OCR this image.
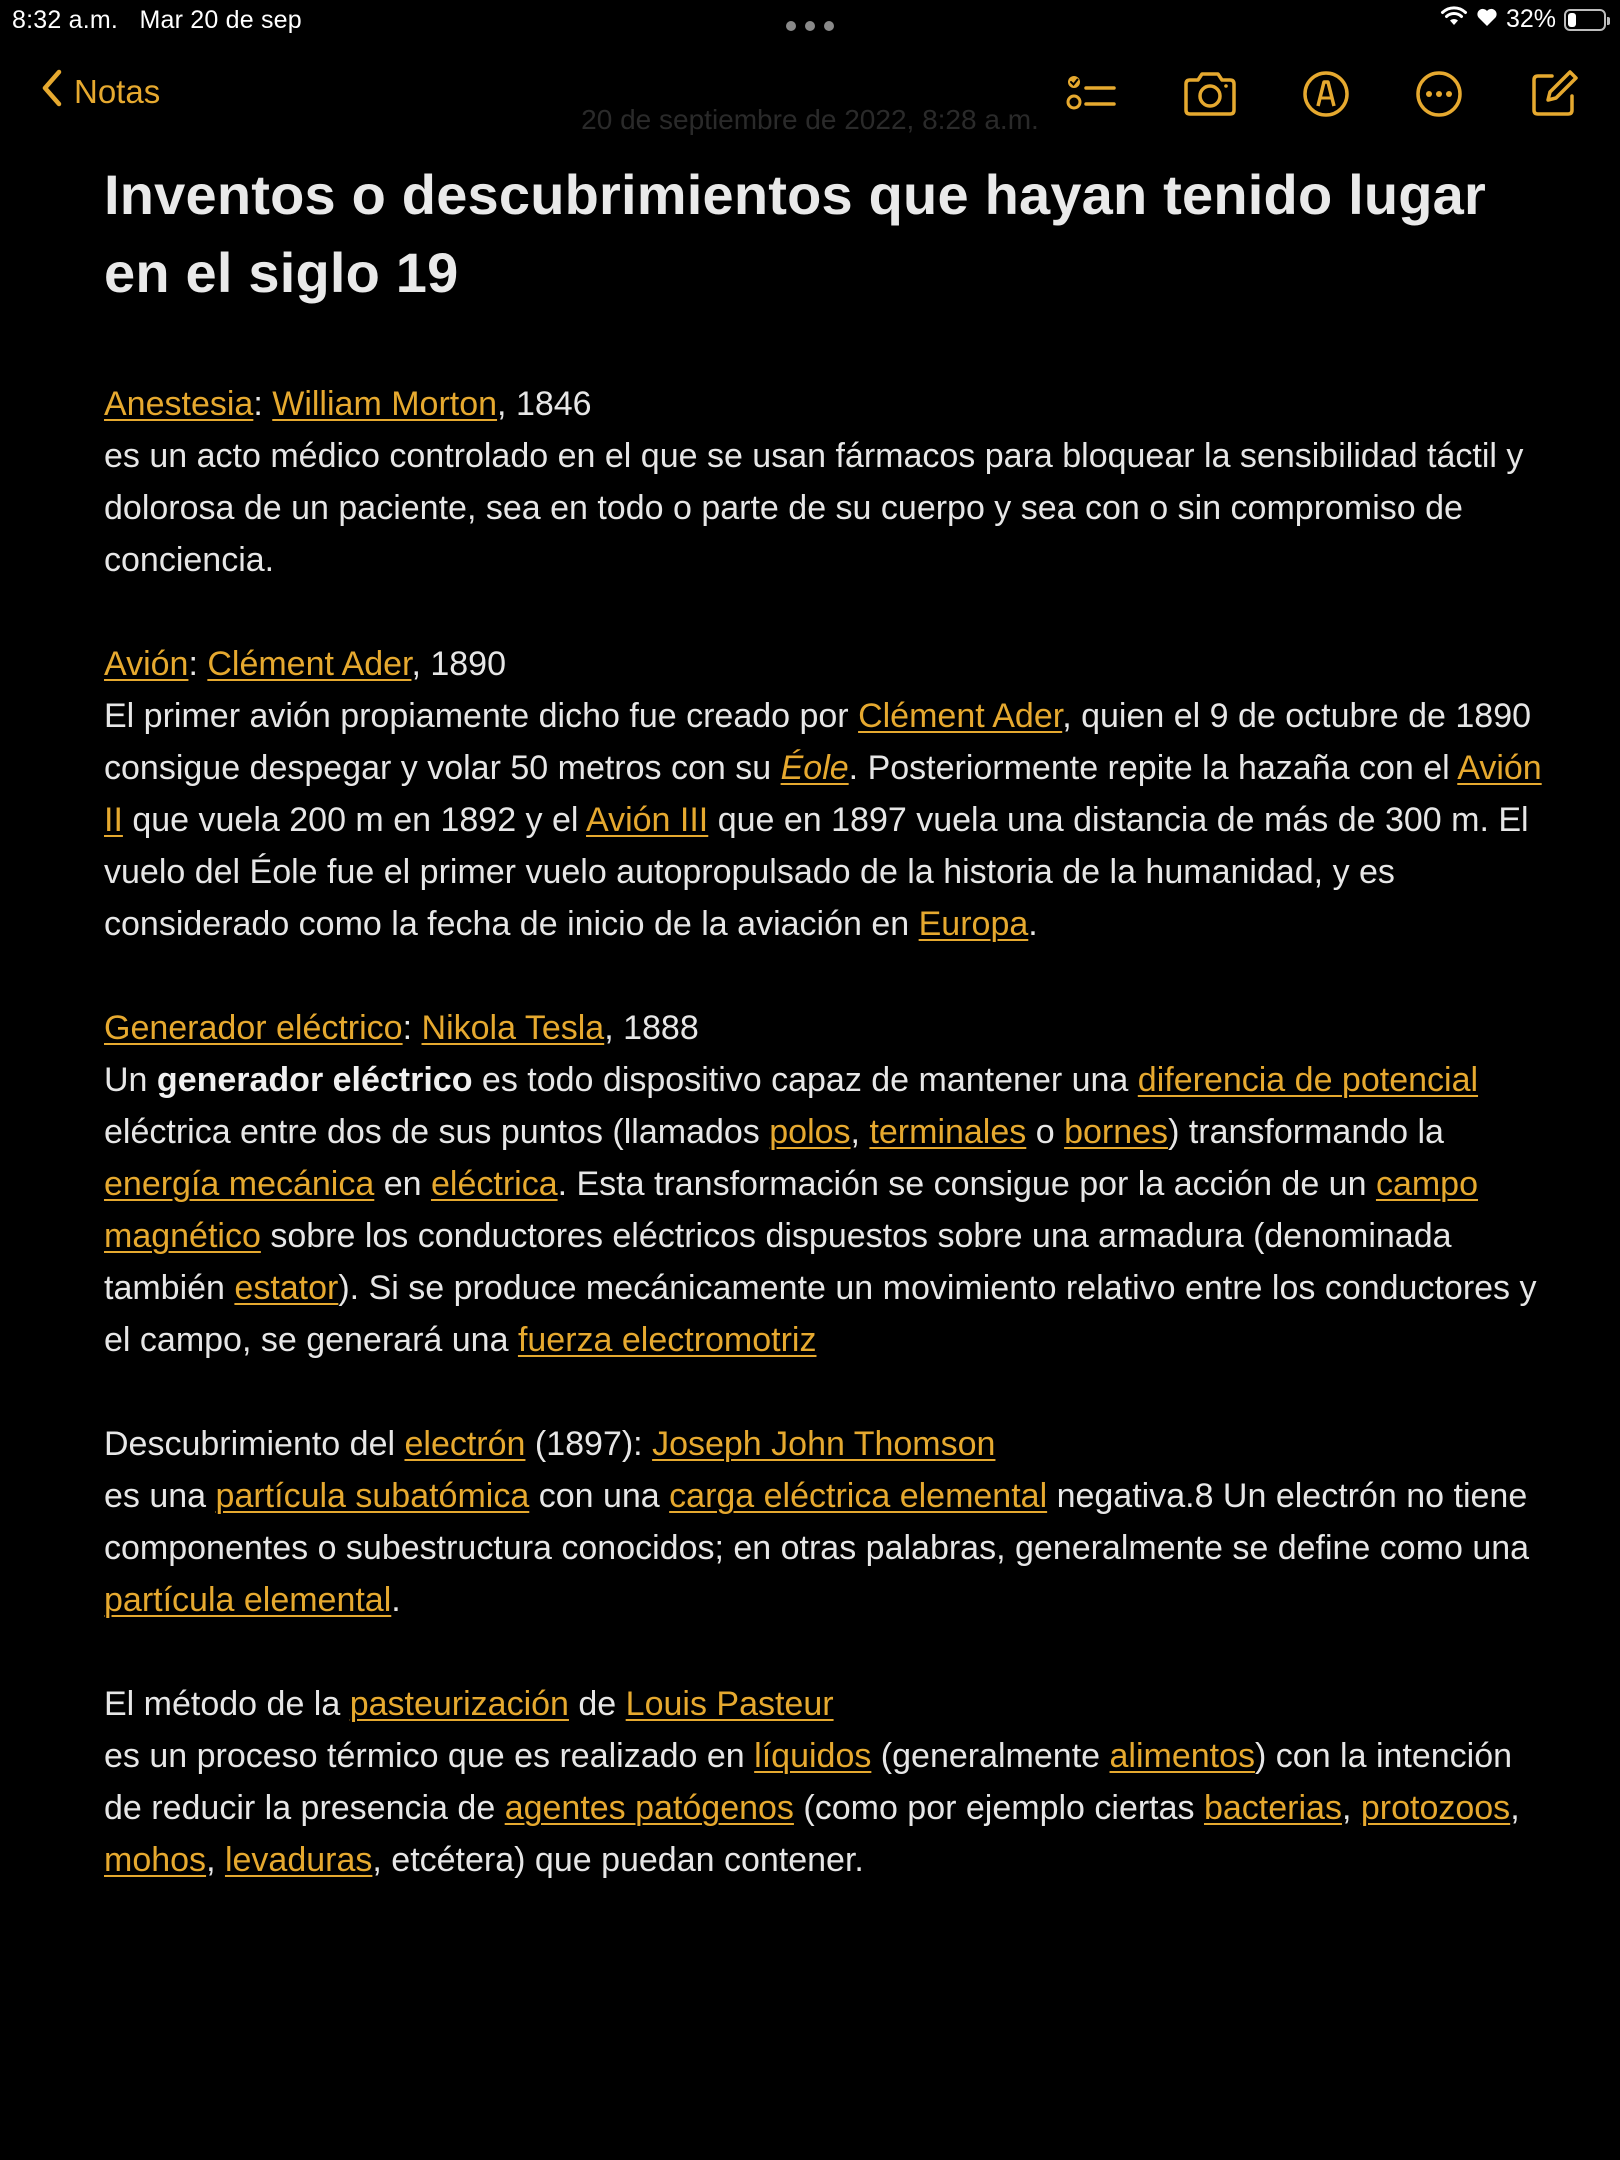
8:32 a.m. Mar 20 de sep	32%
Notas
20 de septiembre de 2022, 8:28 a.m.
Inventos o descubrimientos que hayan tenido lugar en el siglo 19

Anestesia: William Morton, 1846

es un acto médico controlado en el que se usan fármacos para bloquear la sensibilidad táctil y dolorosa de un paciente, sea en todo o parte de su cuerpo y sea con o sin compromiso de conciencia.

Avión: Clément Ader, 1890

El primer avión propiamente dicho fue creado por Clément Ader, quien el 9 de octubre de 1890 consigue despegar y volar 50 metros con su Éole. Posteriormente repite la hazaña con el Avión II que vuela 200 m en 1892 y el Avión III que en 1897 vuela una distancia de más de 300 m. El vuelo del Éole fue el primer vuelo autopropulsado de la historia de la humanidad, y es considerado como la fecha de inicio de la aviación en Europa.

Generador eléctrico: Nikola Tesla, 1888

Un generador eléctrico es todo dispositivo capaz de mantener una diferencia de potencial eléctrica entre dos de sus puntos (llamados polos, terminales o bornes) transformando la energía mecánica en eléctrica. Esta transformación se consigue por la acción de un campo magnético sobre los conductores eléctricos dispuestos sobre una armadura (denominada también estator). Si se produce mecánicamente un movimiento relativo entre los conductores y el campo, se generará una fuerza electromotriz

Descubrimiento del electrón (1897): Joseph John Thomson

es una partícula subatómica con una carga eléctrica elemental negativa.8 Un electrón no tiene componentes o subestructura conocidos; en otras palabras, generalmente se define como una partícula elemental.

El método de la pasteurización de Louis Pasteur

es un proceso térmico que es realizado en líquidos (generalmente alimentos) con la intención de reducir la presencia de agentes patógenos (como por ejemplo ciertas bacterias, protozoos, mohos, levaduras, etcétera) que puedan contener.
